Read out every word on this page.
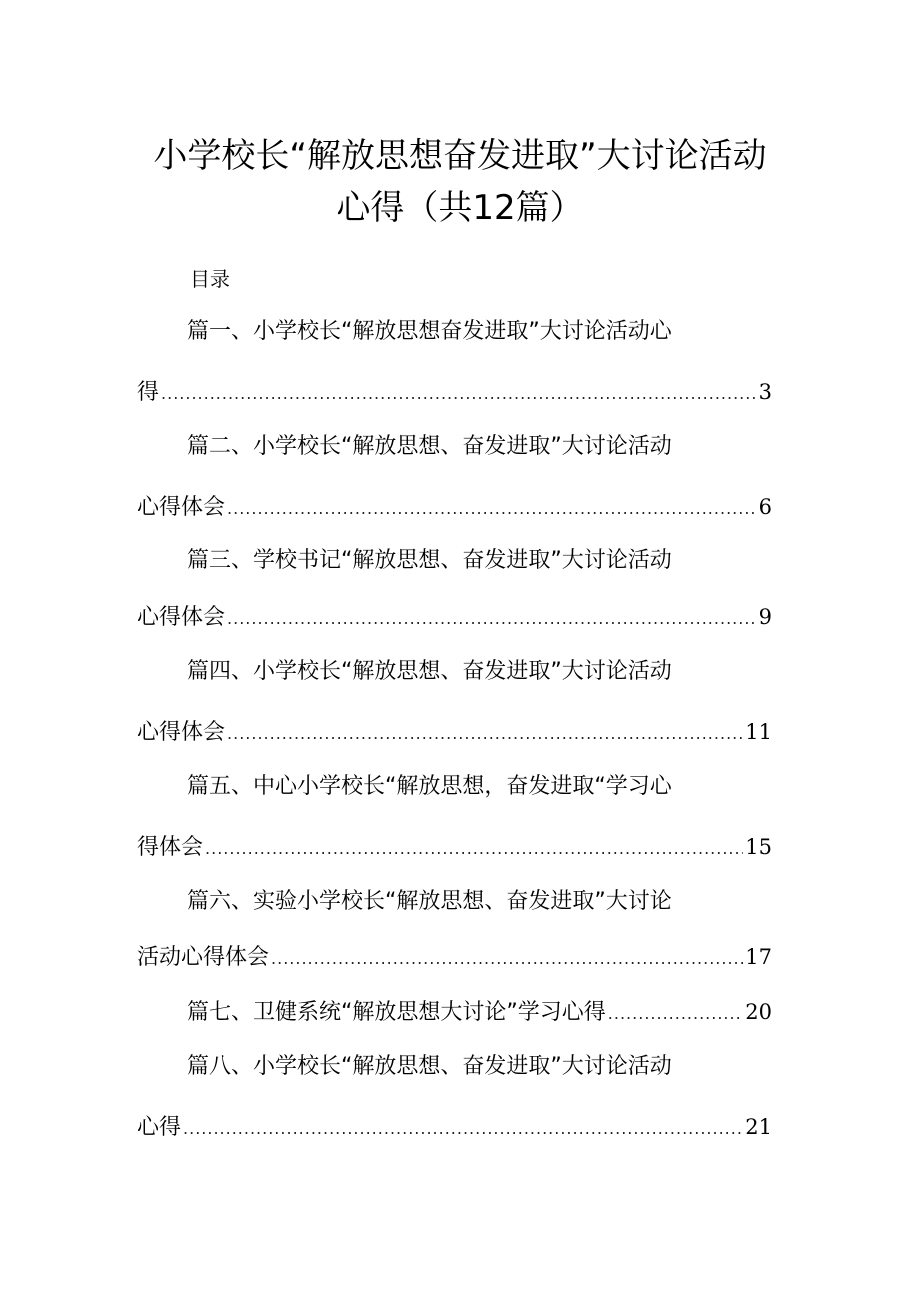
小学校长“解放思想奋发进取”大讨论活动
心得（共12篇）
目录
篇一、小学校长“解放思想奋发进取”大讨论活动心
得 .....	3
篇二、小学校长“解放思想、奋发进取”大讨论活动
心得体会 .....	6
篇三、学校书记“解放思想、奋发进取”大讨论活动
心得体会 .....	9
篇四、小学校长“解放思想、奋发进取”大讨论活动
心得体会 .....	11
篇五、中心小学校长“解放思想，奋发进取“学习心
得体会 .....	15
篇六、实验小学校长“解放思想、奋发进取”大讨论
活动心得体会 .....	17
篇七、卫健系统“解放思想大讨论”学习心得 .....	20
篇八、小学校长“解放思想、奋发进取”大讨论活动
心得 .....	21
